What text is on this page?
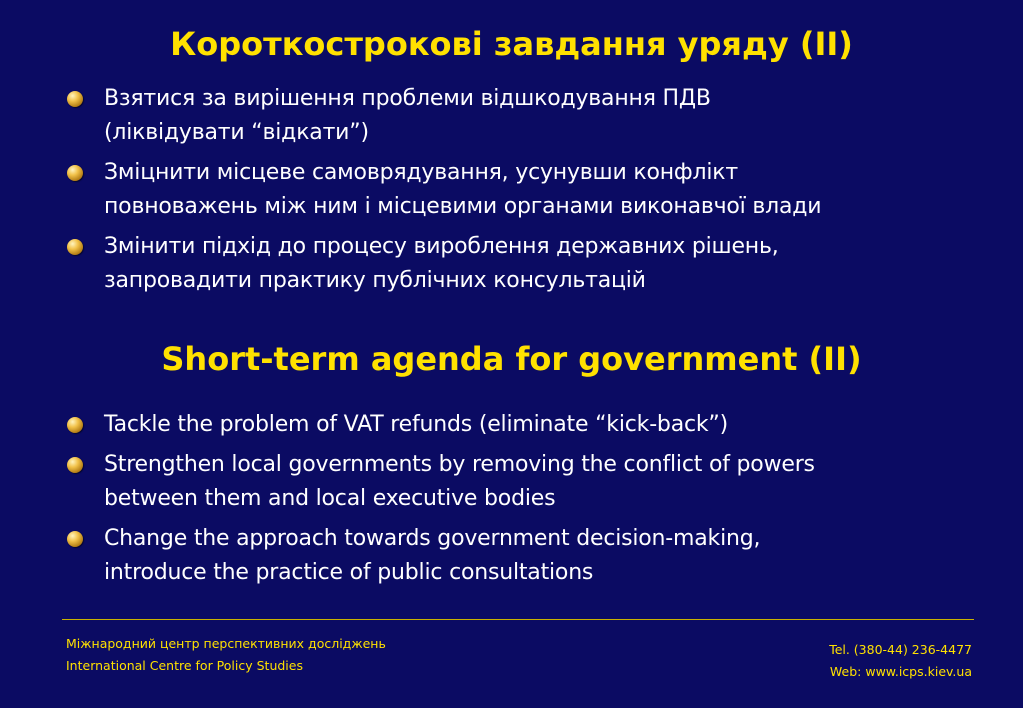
Короткострокові завдання уряду (II)
Взятися за вирішення проблеми відшкодування ПДВ
(ліквідувати “відкати”)
Зміцнити місцеве самоврядування, усунувши конфлікт
повноважень між ним і місцевими органами виконавчої влади
Змінити підхід до процесу вироблення державних рішень,
запровадити практику публічних консультацій
Short-term agenda for government (II)
Tackle the problem of VAT refunds (eliminate “kick-back”)
Strengthen local governments by removing the conflict of powers
between them and local executive bodies
Change the approach towards government decision-making,
introduce the practice of public consultations
Міжнародний центр перспективних досліджень
International Centre for Policy Studies
Tel. (380-44) 236-4477
Web: www.icps.kiev.ua
